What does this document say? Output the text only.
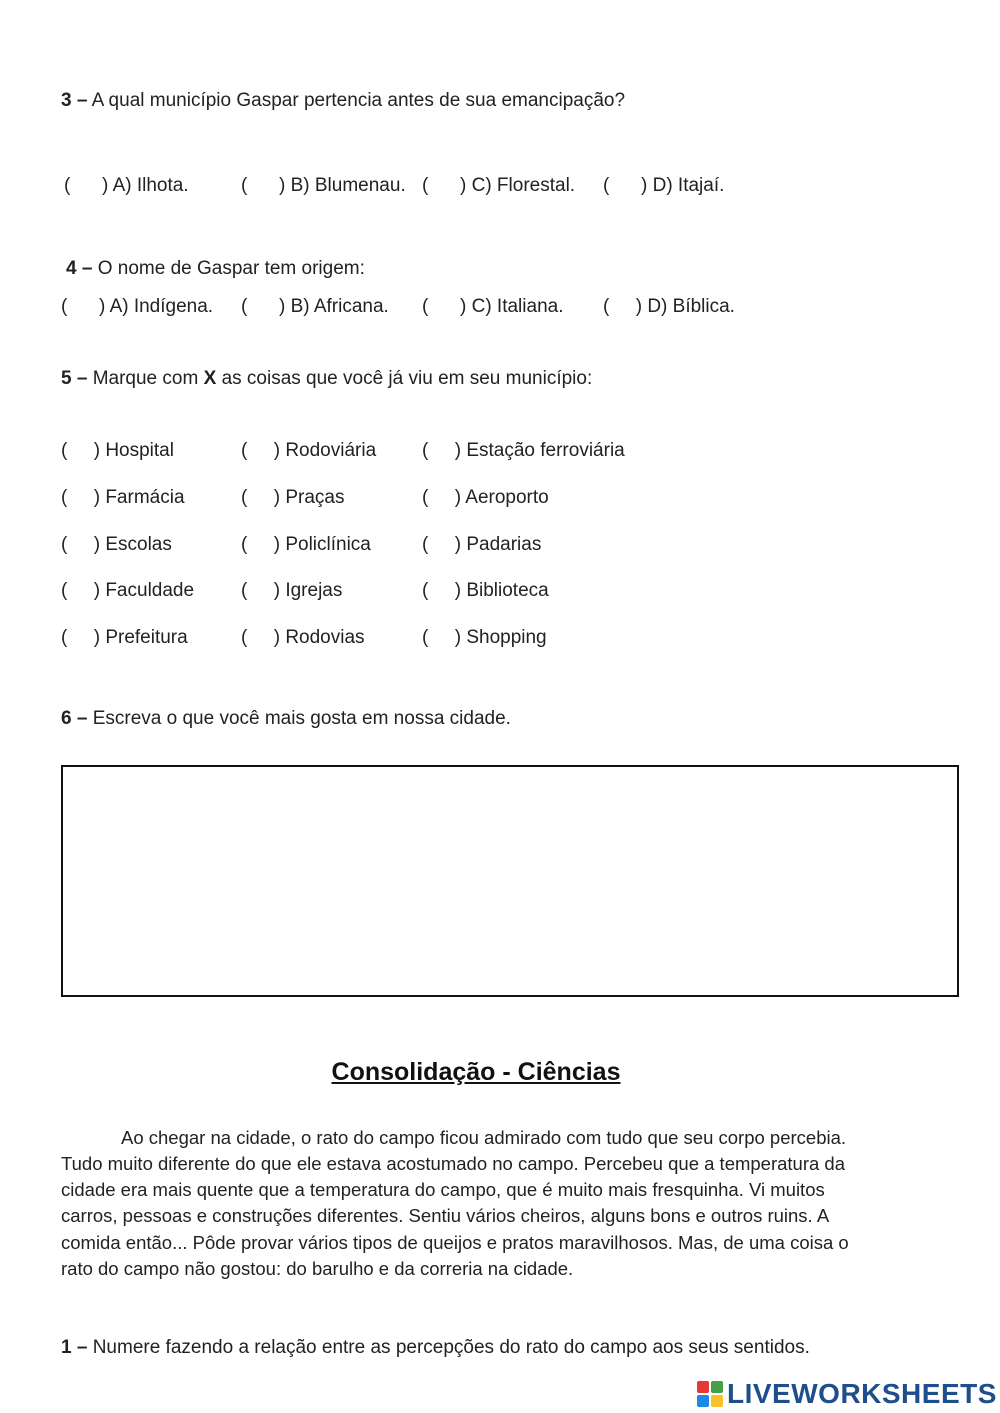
3 – A qual município Gaspar pertencia antes de sua emancipação?
(      ) A) Ilhota.	(      ) B) Blumenau. (      ) C) Florestal. (      ) D) Itajaí.
4 – O nome de Gaspar tem origem:
(      ) A) Indígena. (      ) B) Africana. (      ) C) Italiana. (     ) D) Bíblica.
5 – Marque com X as coisas que você já viu em seu município:
(     ) Hospital	(     ) Rodoviária (     ) Estação ferroviária
(     ) Farmácia	(     ) Praças	(     ) Aeroporto
(     ) Escolas	(     ) Policlínica	(     ) Padarias
(     ) Faculdade (     ) Igrejas	(     ) Biblioteca
(     ) Prefeitura	(     ) Rodovias	(     ) Shopping
6 – Escreva o que você mais gosta em nossa cidade.
Consolidação - Ciências
Ao chegar na cidade, o rato do campo ficou admirado com tudo que seu corpo percebia.
Tudo muito diferente do que ele estava acostumado no campo. Percebeu que a temperatura da
cidade era mais quente que a temperatura do campo, que é muito mais fresquinha. Vi muitos
carros, pessoas e construções diferentes. Sentiu vários cheiros, alguns bons e outros ruins. A
comida então... Pôde provar vários tipos de queijos e pratos maravilhosos. Mas, de uma coisa o
rato do campo não gostou: do barulho e da correria na cidade.
1 – Numere fazendo a relação entre as percepções do rato do campo aos seus sentidos.
LIVEWORKSHEETS
